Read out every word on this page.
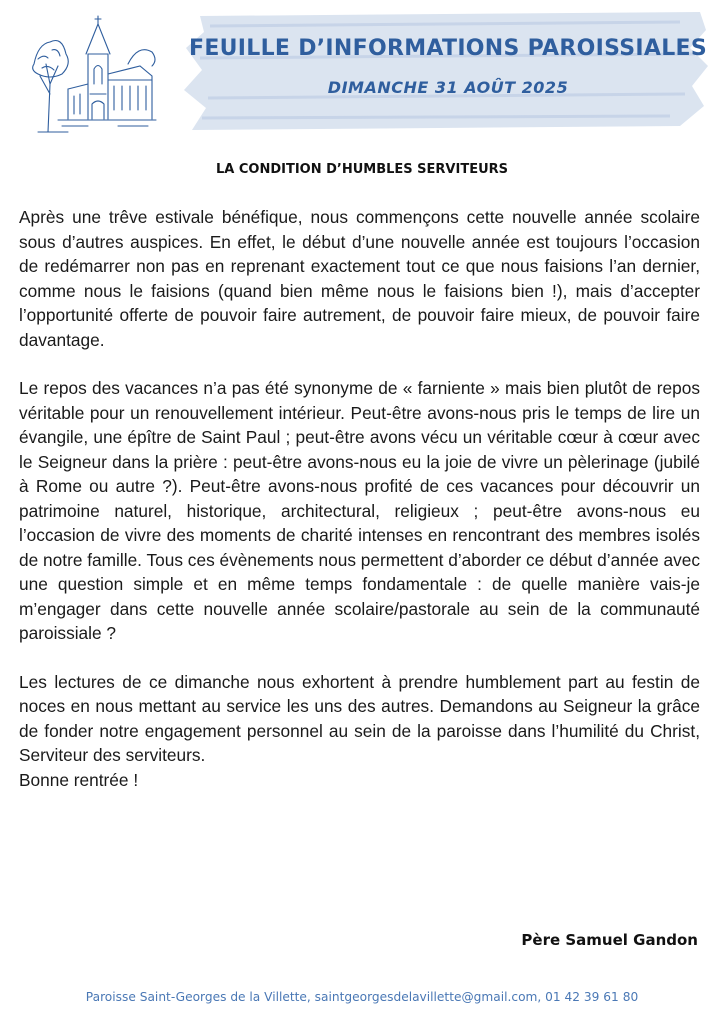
FEUILLE D’INFORMATIONS PAROISSIALES
DIMANCHE 31 AOÛT 2025
LA CONDITION D’HUMBLES SERVITEURS

Après une trêve estivale bénéfique, nous commençons cette nouvelle année scolaire sous d’autres auspices. En effet, le début d’une nouvelle année est toujours l’occasion de redémarrer non pas en reprenant exactement tout ce que nous faisions l’an dernier, comme nous le faisions (quand bien même nous le faisions bien !), mais d’accepter l’opportunité offerte de pouvoir faire autrement, de pouvoir faire mieux, de pouvoir faire davantage.

Le repos des vacances n’a pas été synonyme de « farniente » mais bien plutôt de repos véritable pour un renouvellement intérieur. Peut-être avons-nous pris le temps de lire un évangile, une épître de Saint Paul ; peut-être avons vécu un véritable cœur à cœur avec le Seigneur dans la prière : peut-être avons-nous eu la joie de vivre un pèlerinage (jubilé à Rome ou autre ?). Peut-être avons-nous profité de ces vacances pour découvrir un patrimoine naturel, historique, architectural, religieux ; peut-être avons-nous eu l’occasion de vivre des moments de charité intenses en rencontrant des membres isolés de notre famille. Tous ces évènements nous permettent d’aborder ce début d’année avec une question simple et en même temps fondamentale : de quelle manière vais-je m’engager dans cette nouvelle année scolaire/pastorale au sein de la communauté paroissiale ?

Les lectures de ce dimanche nous exhortent à prendre humblement part au festin de noces en nous mettant au service les uns des autres. Demandons au Seigneur la grâce de fonder notre engagement personnel au sein de la paroisse dans l’humilité du Christ, Serviteur des serviteurs.

Bonne rentrée !
Père Samuel Gandon
Paroisse Saint-Georges de la Villette, saintgeorgesdelavillette@gmail.com, 01 42 39 61 80
